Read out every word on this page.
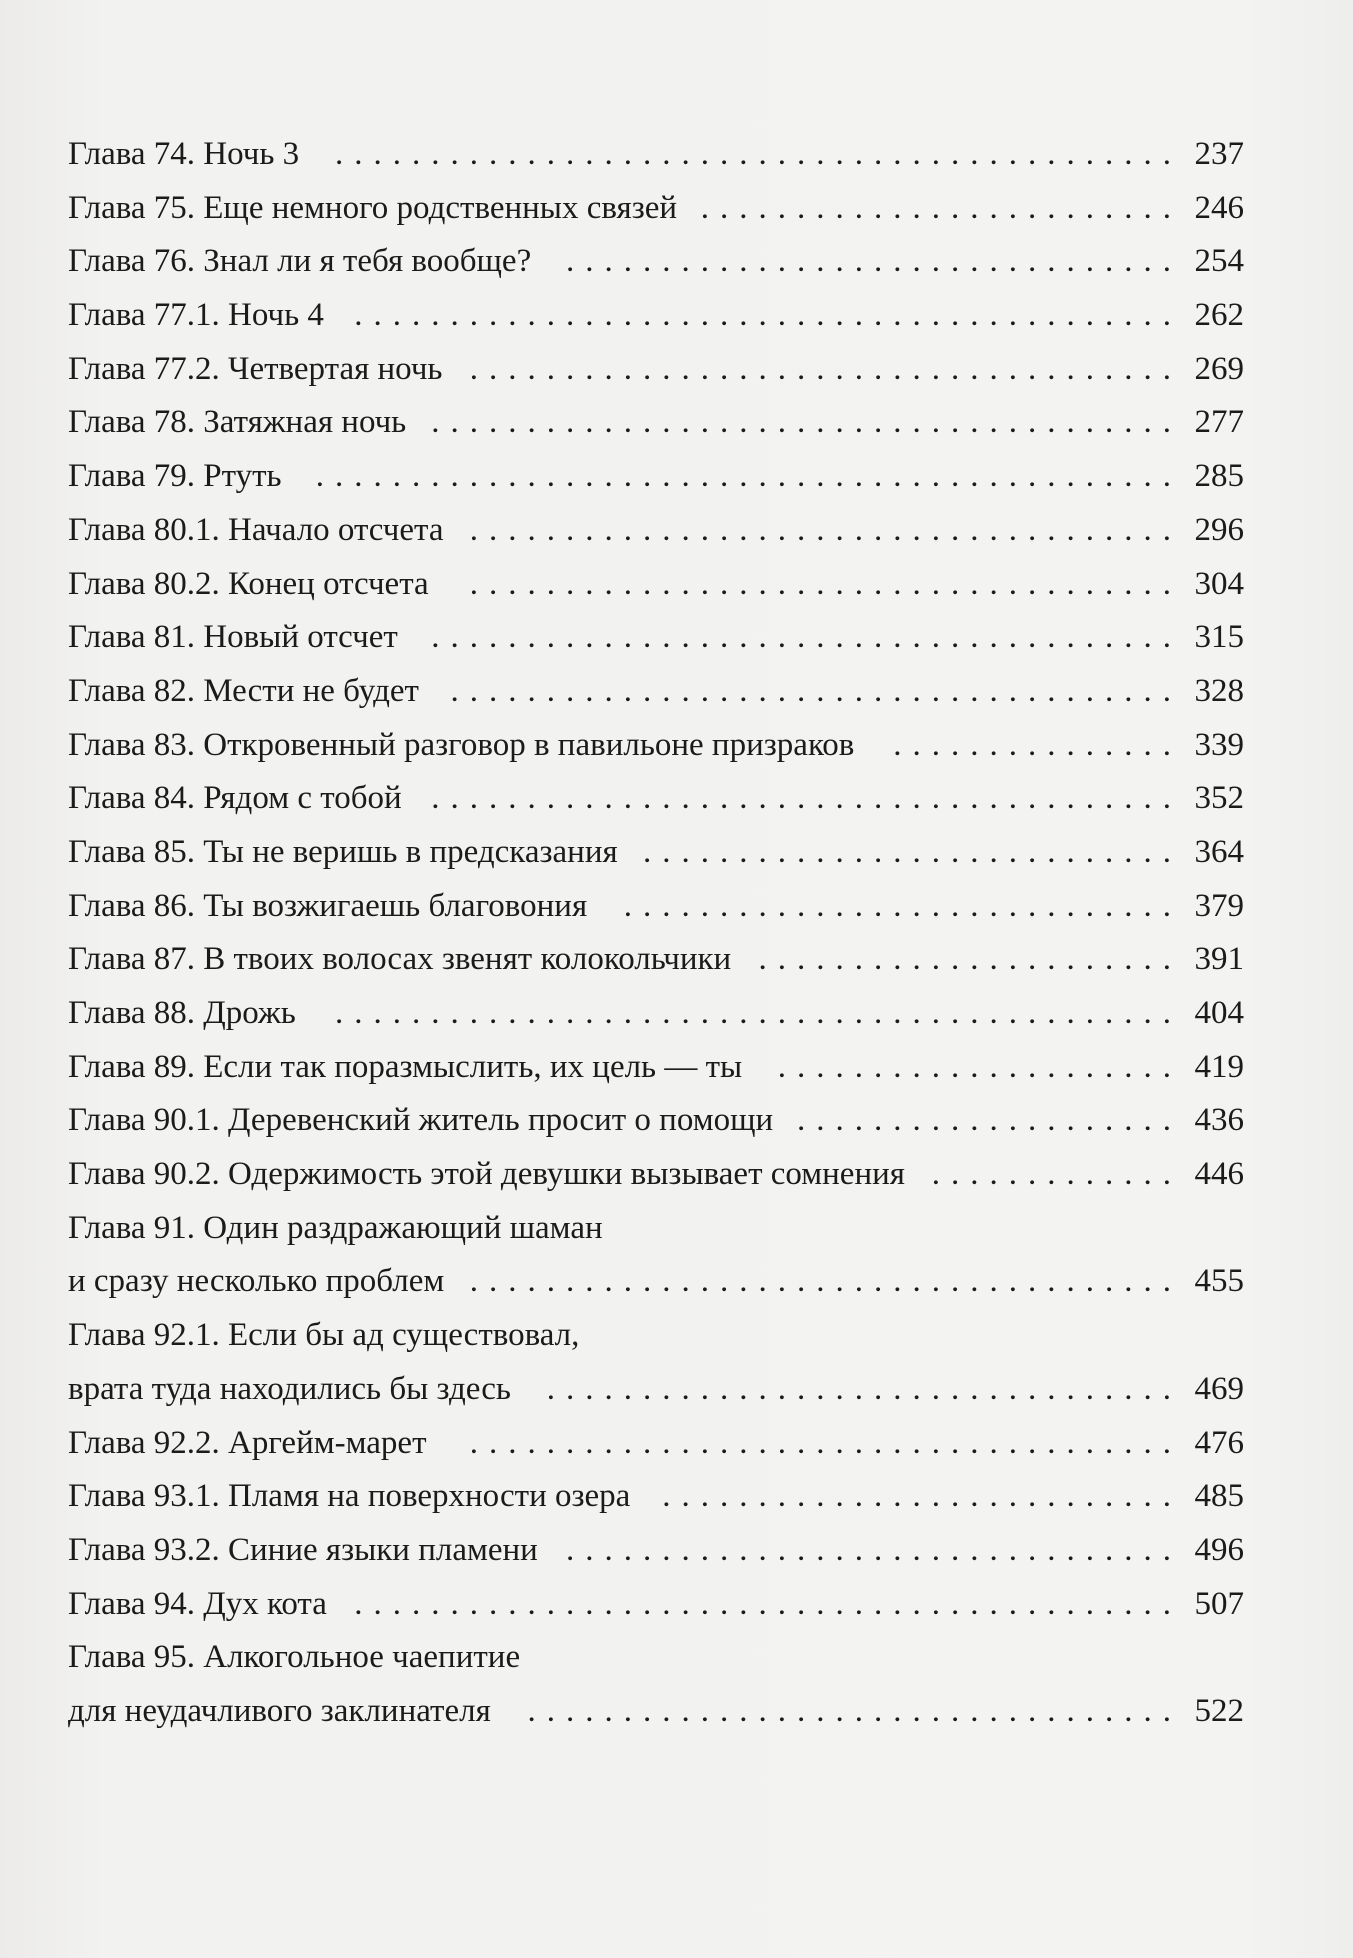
Глава 74. Ночь 3 ............................................ 237
Глава 75. Еще немного родственных связей ......................... 246
Глава 76. Знал ли я тебя вообще? ................................ 254
Глава 77.1. Ночь 4 ........................................... 262
Глава 77.2. Четвертая ночь ..................................... 269
Глава 78. Затяжная ночь ....................................... 277
Глава 79. Ртуть ............................................. 285
Глава 80.1. Начало отсчета ..................................... 296
Глава 80.2. Конец отсчета ..................................... 304
Глава 81. Новый отсчет ....................................... 315
Глава 82. Мести не будет ...................................... 328
Глава 83. Откровенный разговор в павильоне призраков ............... 339
Глава 84. Рядом с тобой ....................................... 352
Глава 85. Ты не веришь в предсказания ............................ 364
Глава 86. Ты возжигаешь благовония ............................. 379
Глава 87. В твоих волосах звенят колокольчики ...................... 391
Глава 88. Дрожь ............................................ 404
Глава 89. Если так поразмыслить, их цель — ты ..................... 419
Глава 90.1. Деревенский житель просит о помощи .................... 436
Глава 90.2. Одержимость этой девушки вызывает сомнения ............. 446
Глава 91. Один раздражающий шаман
и сразу несколько проблем ..................................... 455
Глава 92.1. Если бы ад существовал,
врата туда находились бы здесь ................................. 469
Глава 92.2. Аргейм-марет ..................................... 476
Глава 93.1. Пламя на поверхности озера ........................... 485
Глава 93.2. Синие языки пламени ................................ 496
Глава 94. Дух кота ........................................... 507
Глава 95. Алкогольное чаепитие
для неудачливого заклинателя .................................. 522
